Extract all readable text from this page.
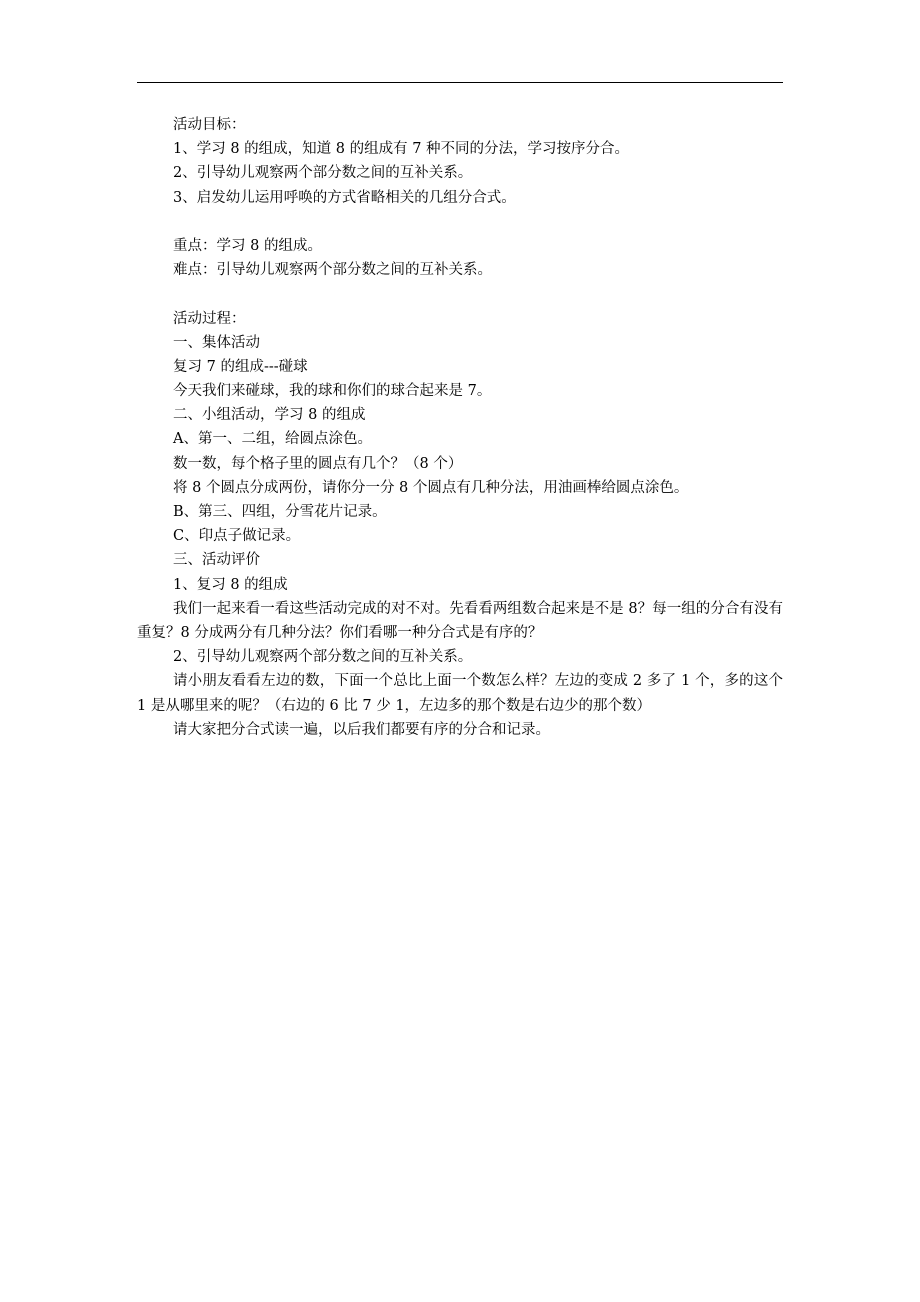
活动目标：
1、学习 8 的组成，知道 8 的组成有 7 种不同的分法，学习按序分合。
2、引导幼儿观察两个部分数之间的互补关系。
3、启发幼儿运用呼唤的方式省略相关的几组分合式。
重点：学习 8 的组成。
难点：引导幼儿观察两个部分数之间的互补关系。
活动过程：
一、集体活动
复习 7 的组成---碰球
今天我们来碰球，我的球和你们的球合起来是 7。
二、小组活动，学习 8 的组成
A、第一、二组，给圆点涂色。
数一数，每个格子里的圆点有几个？（8 个）
将 8 个圆点分成两份，请你分一分 8 个圆点有几种分法，用油画棒给圆点涂色。
B、第三、四组，分雪花片记录。
C、印点子做记录。
三、活动评价
1、复习 8 的组成
我们一起来看一看这些活动完成的对不对。先看看两组数合起来是不是 8？每一组的分合有没有重复？8 分成两分有几种分法？你们看哪一种分合式是有序的？
2、引导幼儿观察两个部分数之间的互补关系。
请小朋友看看左边的数，下面一个总比上面一个数怎么样？左边的变成 2 多了 1 个，多的这个 1 是从哪里来的呢？（右边的 6 比 7 少 1，左边多的那个数是右边少的那个数）
请大家把分合式读一遍，以后我们都要有序的分合和记录。
